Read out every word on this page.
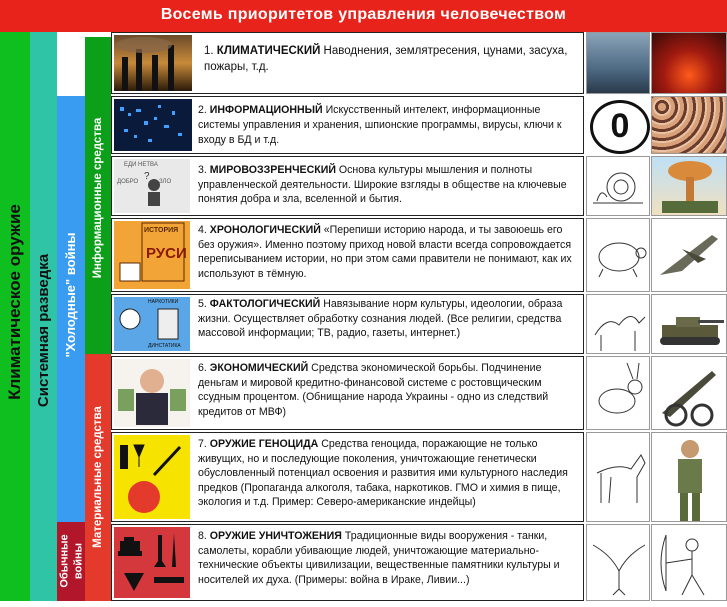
Восемь приоритетов управления человечеством
Климатическое оружие Системная разведка "Холодные" войны
Обычные войны
Информационные средства
Материальные средства
1. КЛИМАТИЧЕСКИЙ Наводнения, землятресения, цунами, засуха, пожары, т.д.
2. ИНФОРМАЦИОННЫЙ Искусственный интелект, информационные системы управления и хранения, шпионские программы, вирусы, ключи к входу в БД и т.д.	0
ЕДИ НЕТВА
ДОБРО	ЗЛО
?
3. МИРОВОЗЗРЕНЧЕСКИЙ Основа культуры мышления и полноты управленческой деятельности. Широкие взгляды в обществе на ключевые понятия добра и зла, вселенной и бытия.
ИСТОРИЯ
РУСИ
4. ХРОНОЛОГИЧЕСКИЙ «Перепиши историю народа, и ты завоюешь его без оружия». Именно поэтому приход новой власти всегда сопровождается переписыванием истории, но при этом сами правители не понимают, как их используют в тёмную.
НАРКОТИКИ
ДИНСТАТИКА
5. ФАКТОЛОГИЧЕСКИЙ Навязывание норм культуры, идеологии, образа жизни. Осуществляет обработку сознания людей. (Все религии, средства массовой информации; ТВ, радио, газеты, интернет.)
6. ЭКОНОМИЧЕСКИЙ Средства экономической борьбы. Подчинение деньгам и мировой кредитно-финансовой системе с ростовщическим ссудным процентом. (Обнищание народа Украины - одно из следствий кредитов от МВФ)
7. ОРУЖИЕ ГЕНОЦИДА Средства геноцида, поражающие не только живущих, но и последующие поколения, уничтожающие генетически обусловленный потенциал освоения и развития ими культурного наследия предков (Пропаганда алкоголя, табака, наркотиков. ГМО и химия в пище, экология и т.д. Пример: Северо-американские индейцы)
8. ОРУЖИЕ УНИЧТОЖЕНИЯ Традиционные виды вооружения - танки, самолеты, корабли убивающие людей, уничтожающие материально-технические объекты цивилизации, вещественные памятники культуры и носителей их духа. (Примеры: война в Ираке, Ливии...)
